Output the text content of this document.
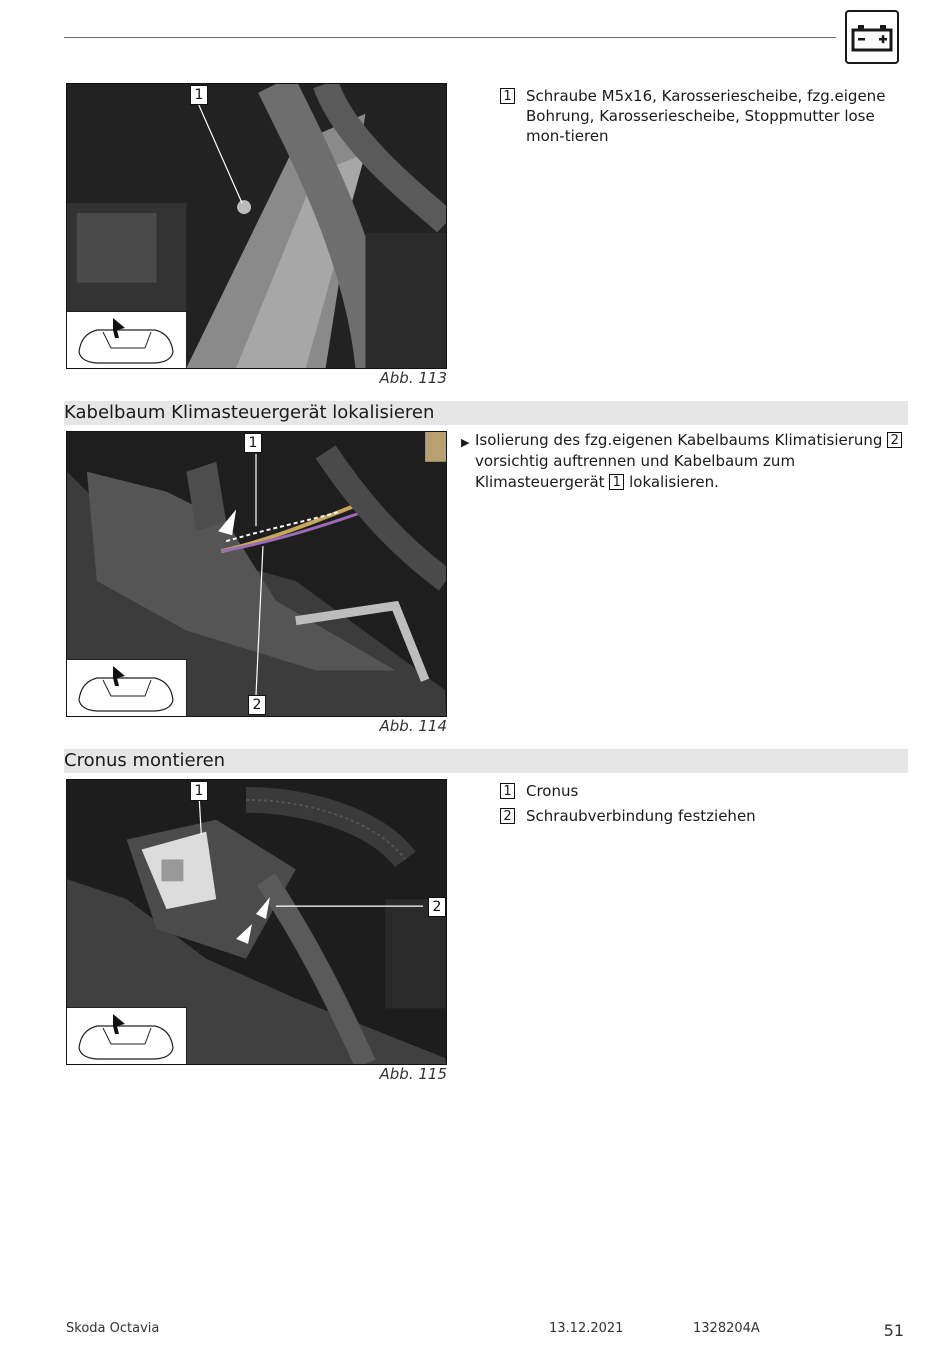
1
Abb. 113
1 Schraube M5x16, Karosseriescheibe, fzg.eigene Bohrung, Karosseriescheibe, Stoppmutter lose mon-tieren
Kabelbaum Klimasteuergerät lokalisieren
1
2
Abb. 114
▶ Isolierung des fzg.eigenen Kabelbaums Klimatisierung 2 vorsichtig auftrennen und Kabelbaum zum Klimasteuergerät 1 lokalisieren.
Cronus montieren
1
2
Abb. 115
1 Cronus
2 Schraubverbindung festziehen
Skoda Octavia	13.12.2021	1328204A	51
